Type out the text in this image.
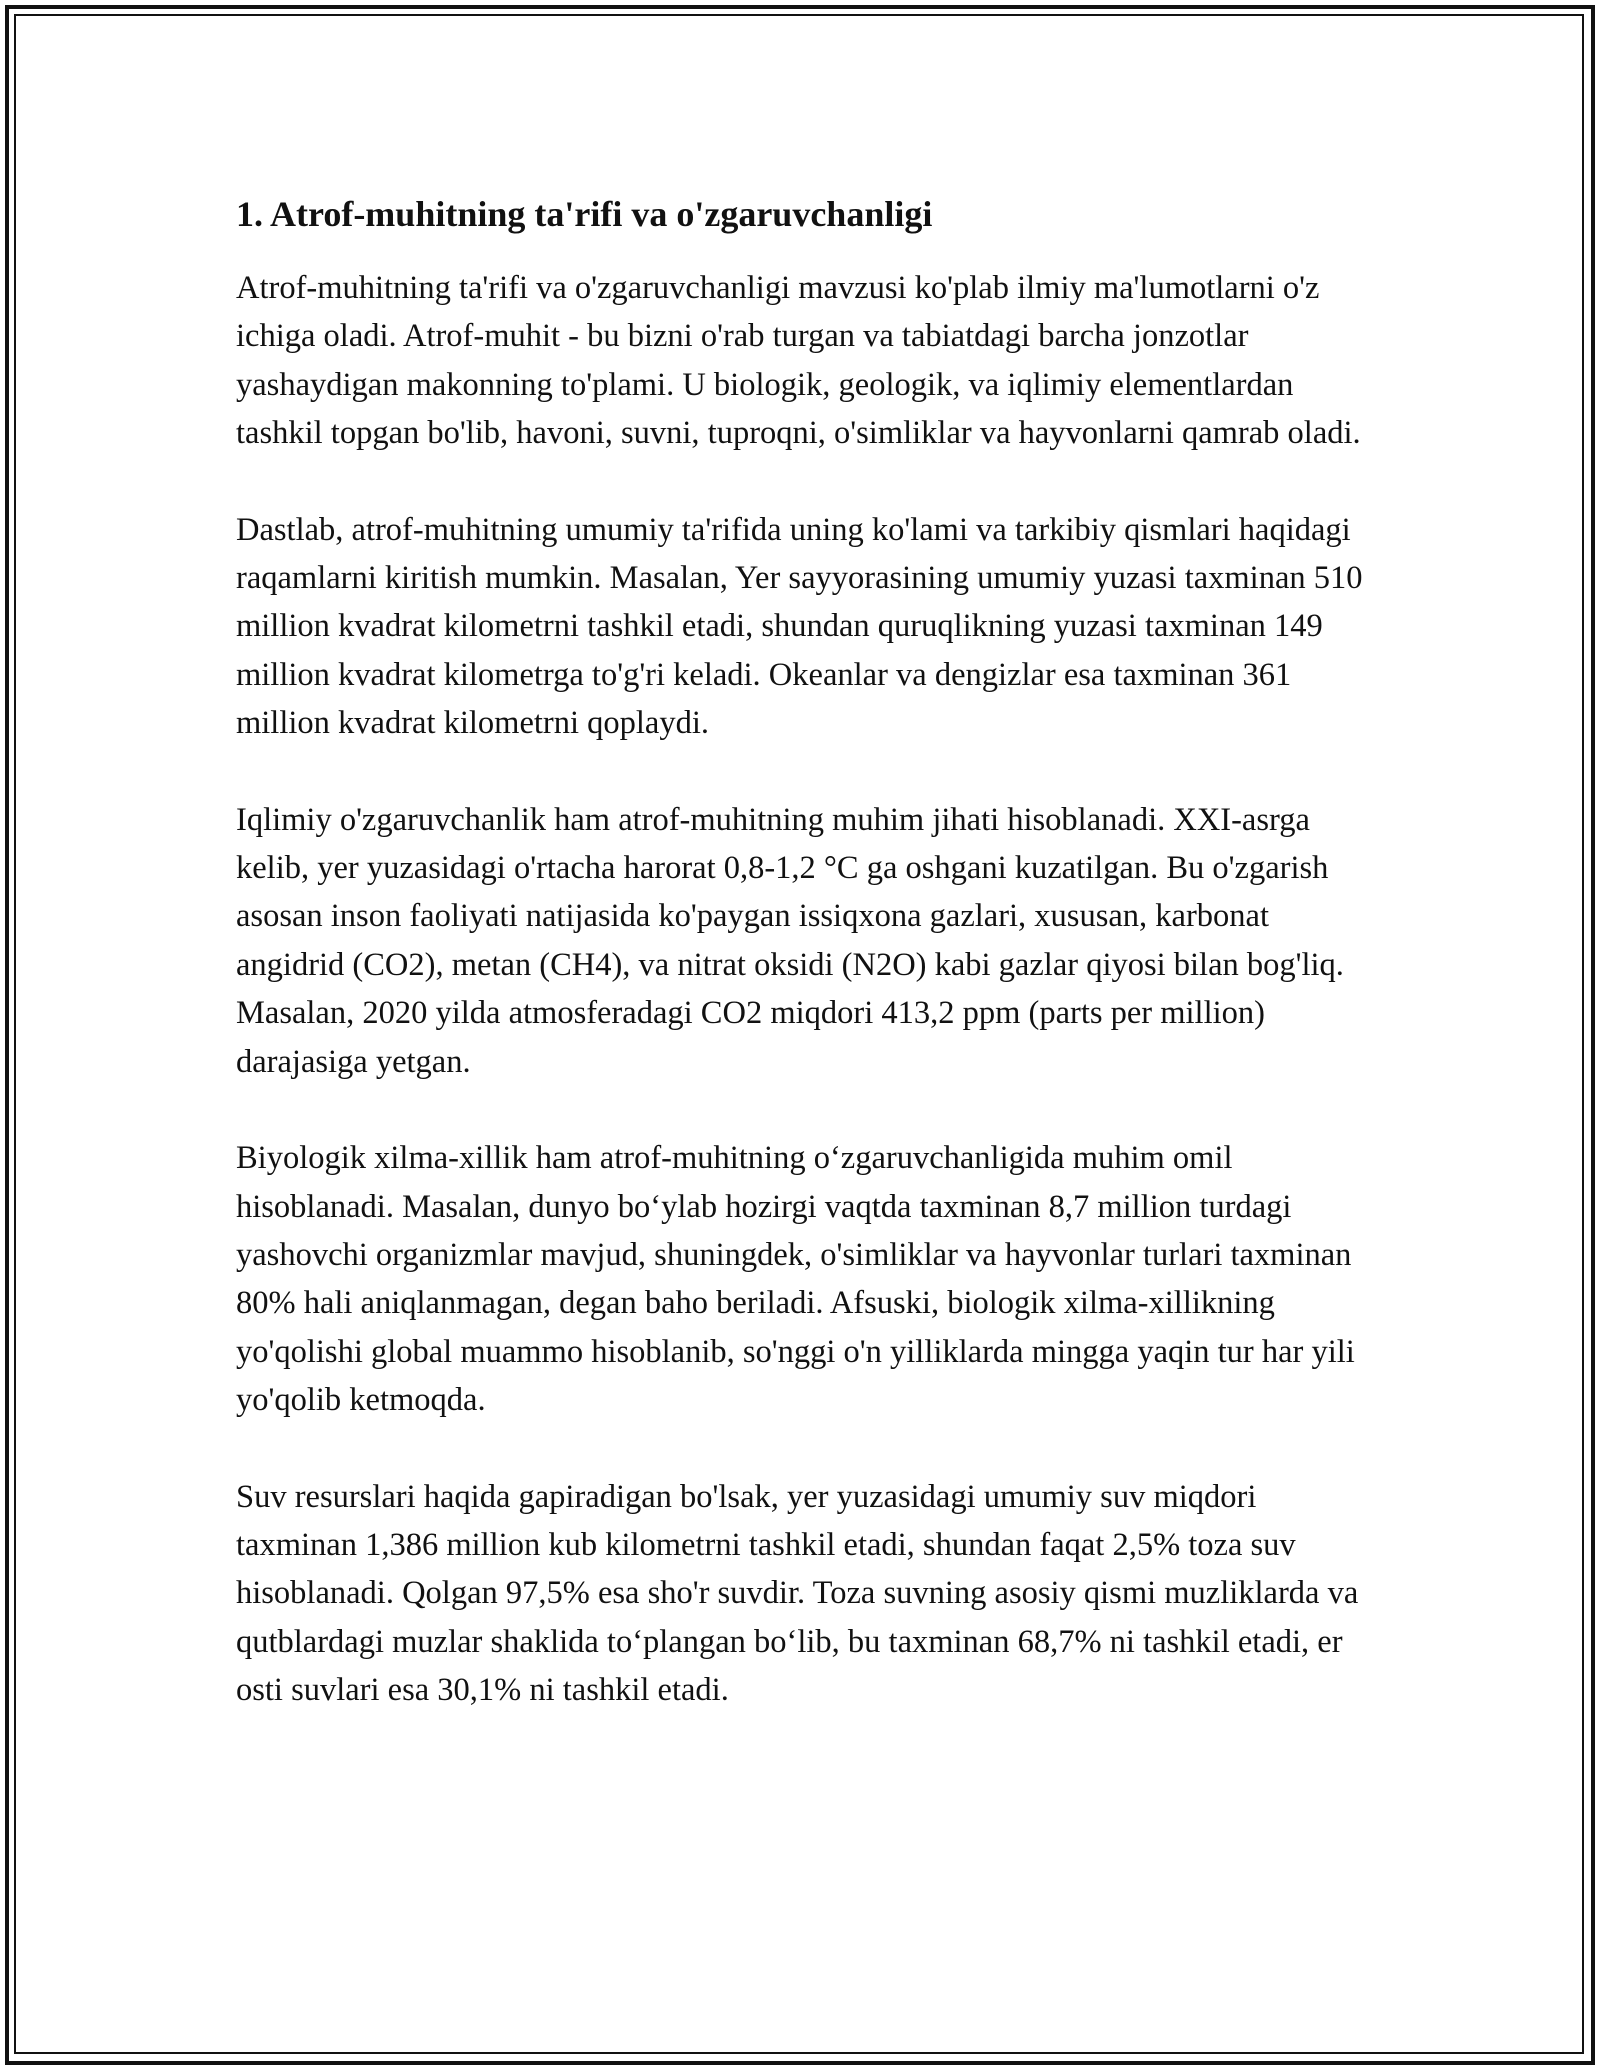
1. Atrof-muhitning ta'rifi va o'zgaruvchanligi

Atrof-muhitning ta'rifi va o'zgaruvchanligi mavzusi ko'plab ilmiy ma'lumotlarni o'z ichiga oladi. Atrof-muhit - bu bizni o'rab turgan va tabiatdagi barcha jonzotlar yashaydigan makonning to'plami. U biologik, geologik, va iqlimiy elementlardan tashkil topgan bo'lib, havoni, suvni, tuproqni, o'simliklar va hayvonlarni qamrab oladi.

Dastlab, atrof-muhitning umumiy ta'rifida uning ko'lami va tarkibiy qismlari haqidagi raqamlarni kiritish mumkin. Masalan, Yer sayyorasining umumiy yuzasi taxminan 510 million kvadrat kilometrni tashkil etadi, shundan quruqlikning yuzasi taxminan 149 million kvadrat kilometrga to'g'ri keladi. Okeanlar va dengizlar esa taxminan 361 million kvadrat kilometrni qoplaydi.

Iqlimiy o'zgaruvchanlik ham atrof-muhitning muhim jihati hisoblanadi. XXI-asrga kelib, yer yuzasidagi o'rtacha harorat 0,8-1,2 °C ga oshgani kuzatilgan. Bu o'zgarish asosan inson faoliyati natijasida ko'paygan issiqxona gazlari, xususan, karbonat angidrid (CO2), metan (CH4), va nitrat oksidi (N2O) kabi gazlar qiyosi bilan bog'liq. Masalan, 2020 yilda atmosferadagi CO2 miqdori 413,2 ppm (parts per million) darajasiga yetgan.

Biyologik xilma-xillik ham atrof-muhitning o‘zgaruvchanligida muhim omil hisoblanadi. Masalan, dunyo bo‘ylab hozirgi vaqtda taxminan 8,7 million turdagi yashovchi organizmlar mavjud, shuningdek, o'simliklar va hayvonlar turlari taxminan 80% hali aniqlanmagan, degan baho beriladi. Afsuski, biologik xilma-xillikning yo'qolishi global muammo hisoblanib, so'nggi o'n yilliklarda mingga yaqin tur har yili yo'qolib ketmoqda.

Suv resurslari haqida gapiradigan bo'lsak, yer yuzasidagi umumiy suv miqdori taxminan 1,386 million kub kilometrni tashkil etadi, shundan faqat 2,5% toza suv hisoblanadi. Qolgan 97,5% esa sho'r suvdir. Toza suvning asosiy qismi muzliklarda va qutblardagi muzlar shaklida to‘plangan bo‘lib, bu taxminan 68,7% ni tashkil etadi, er osti suvlari esa 30,1% ni tashkil etadi.
